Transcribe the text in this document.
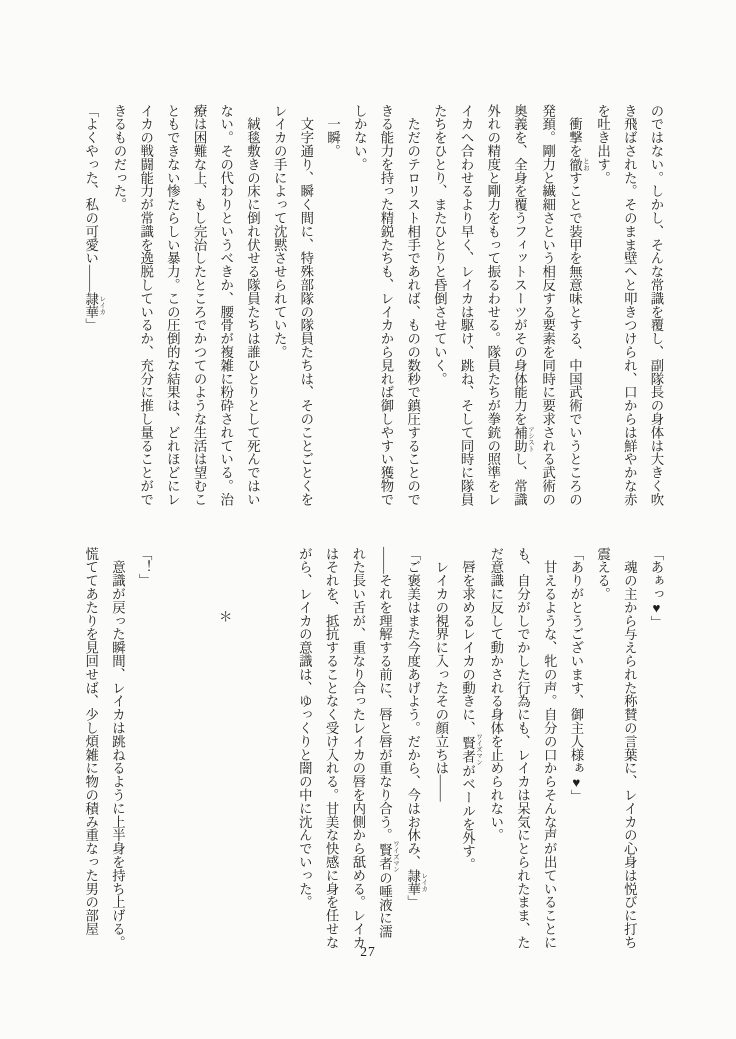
のではない。しかし、そんな常識を覆し、副隊長の身体は大きく吹
き飛ばされた。そのまま壁へと叩きつけられ、口からは鮮やかな赤
を吐き出す。
　衝撃を徹 とおすことで装甲を無意味とする、中国武術でいうところの
発頚。剛力と繊細さという相反する要素を同時に要求される武術の
奥義を、全身を覆うフィットスーツがその身体能力を補助 アシストし、常識
外れの精度と剛力をもって振るわせる。隊員たちが拳銃の照準をレ
イカへ合わせるより早く、レイカは駆け、跳ね、そして同時に隊員
たちをひとり、またひとりと昏倒させていく。
　ただのテロリスト相手であれば、ものの数秒で鎮圧することので
きる能力を持った精鋭たちも、レイカから見れば御しやすい獲物で
しかない。
　一瞬。
　文字通り、瞬く間に、特殊部隊の隊員たちは、そのことごとくを
レイカの手によって沈黙させられていた。
　絨毯敷きの床に倒れ伏せる隊員たちは誰ひとりとして死んではい
ない。その代わりというべきか、腰骨が複雑に粉砕されている。治
療は困難な上、もし完治したところでかつてのような生活は望むこ
ともできない惨たらしい暴力。この圧倒的な結果は、どれほどにレ
イカの戦闘能力が常識を逸脱しているか、充分に推し量ることがで
きるものだった。
「よくやった、私の可愛い――隷華 レイカ」
「あぁっ♥」
　魂の主から与えられた称賛の言葉に、レイカの心身は悦びに打ち
震える。
「ありがとうございます、御主人様ぁ♥」
　甘えるような、牝の声。自分の口からそんな声が出ていることに
も、自分がしでかした行為にも、レイカは呆気にとられたまま、た
だ意識に反して動かされる身体を止められない。
　唇を求めるレイカの動きに、賢者 ワイズマンがベールを外す。
　レイカの視界に入ったその顔立ちは――
「ご褒美はまた今度あげよう。だから、今はお休み、隷華 レイカ」
――それを理解する前に、唇と唇が重なり合う。賢者 ワイズマンの唾液に濡
れた長い舌が、重なり合ったレイカの唇を内側から舐める。レイカ
はそれを、抵抗することなく受け入れる。甘美な快感に身を任せな
がら、レイカの意識は、ゆっくりと闇の中に沈んでいった。

＊

「！」
　意識が戻った瞬間、レイカは跳ねるように上半身を持ち上げる。
慌ててあたりを見回せば、少し煩雑に物の積み重なった男の部屋
27
